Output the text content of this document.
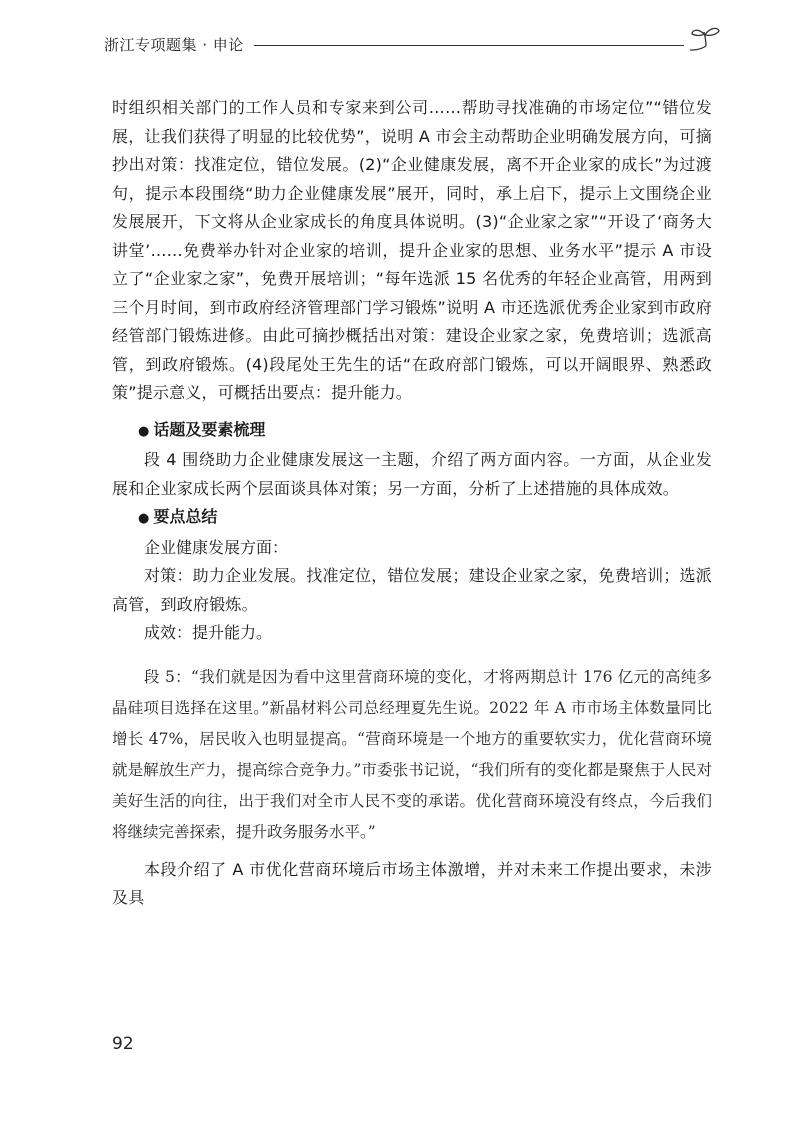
浙江专项题集 · 申论

时组织相关部门的工作人员和专家来到公司……帮助寻找准确的市场定位”“错位发展，让我们获得了明显的比较优势”，说明 A 市会主动帮助企业明确发展方向，可摘抄出对策：找准定位，错位发展。(2)“企业健康发展，离不开企业家的成长”为过渡句，提示本段围绕“助力企业健康发展”展开，同时，承上启下，提示上文围绕企业发展展开，下文将从企业家成长的角度具体说明。(3)“企业家之家”“开设了‘商务大讲堂’……免费举办针对企业家的培训，提升企业家的思想、业务水平”提示 A 市设立了“企业家之家”，免费开展培训；“每年选派 15 名优秀的年轻企业高管，用两到三个月时间，到市政府经济管理部门学习锻炼”说明 A 市还选派优秀企业家到市政府经管部门锻炼进修。由此可摘抄概括出对策：建设企业家之家，免费培训；选派高管，到政府锻炼。(4)段尾处王先生的话“在政府部门锻炼，可以开阔眼界、熟悉政策”提示意义，可概括出要点：提升能力。

● 话题及要素梳理

段 4 围绕助力企业健康发展这一主题，介绍了两方面内容。一方面，从企业发展和企业家成长两个层面谈具体对策；另一方面，分析了上述措施的具体成效。

● 要点总结

企业健康发展方面：

对策：助力企业发展。找准定位，错位发展；建设企业家之家，免费培训；选派高管，到政府锻炼。

成效：提升能力。

段 5：“我们就是因为看中这里营商环境的变化，才将两期总计 176 亿元的高纯多晶硅项目选择在这里。”新晶材料公司总经理夏先生说。2022 年 A 市市场主体数量同比增长 47%，居民收入也明显提高。“营商环境是一个地方的重要软实力，优化营商环境就是解放生产力，提高综合竞争力。”市委张书记说，“我们所有的变化都是聚焦于人民对美好生活的向往，出于我们对全市人民不变的承诺。优化营商环境没有终点，今后我们将继续完善探索，提升政务服务水平。”

本段介绍了 A 市优化营商环境后市场主体激增，并对未来工作提出要求，未涉及具

92
